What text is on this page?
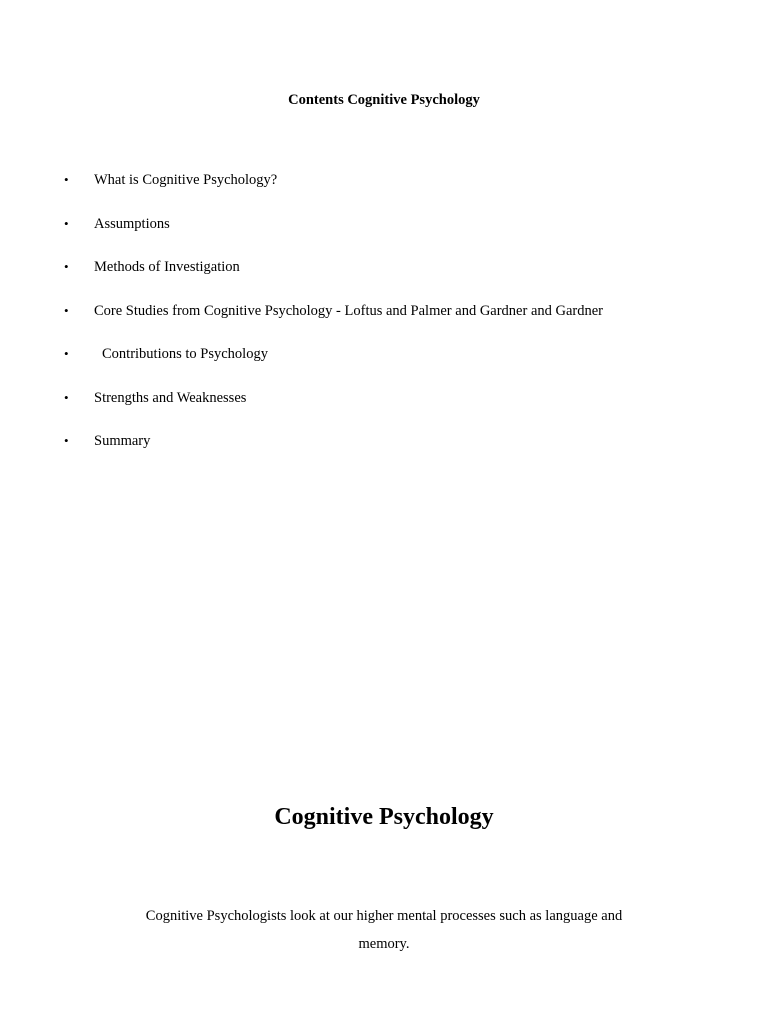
Contents Cognitive Psychology
• What is Cognitive Psychology?
• Assumptions
• Methods of Investigation
• Core Studies from Cognitive Psychology - Loftus and Palmer and Gardner and Gardner
• Contributions to Psychology
• Strengths and Weaknesses
• Summary
Cognitive Psychology

Cognitive Psychologists look at our higher mental processes such as language and memory.
